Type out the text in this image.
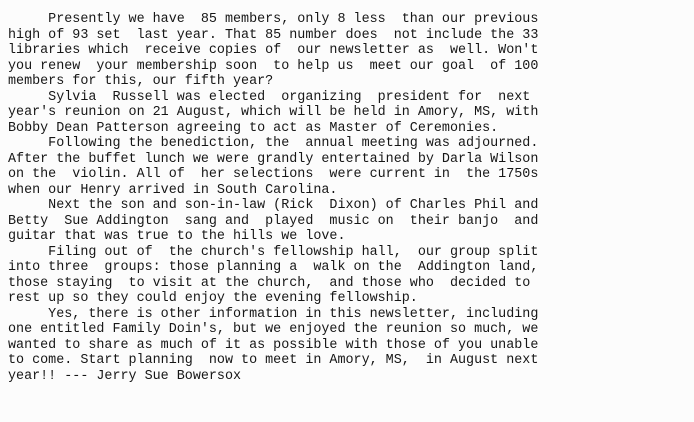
Presently we have  85 members, only 8 less  than our previous
high of 93 set  last year. That 85 number does  not include the 33
libraries which  receive copies of  our newsletter as  well. Won't
you renew  your membership soon  to help us  meet our goal  of 100
members for this, our fifth year?
Sylvia  Russell was elected  organizing  president for  next
year's reunion on 21 August, which will be held in Amory, MS, with
Bobby Dean Patterson agreeing to act as Master of Ceremonies.
Following the benediction, the  annual meeting was adjourned.
After the buffet lunch we were grandly entertained by Darla Wilson
on the  violin. All of  her selections  were current in  the 1750s
when our Henry arrived in South Carolina.
Next the son and son-in-law (Rick  Dixon) of Charles Phil and
Betty  Sue Addington  sang and  played  music on  their banjo  and
guitar that was true to the hills we love.
Filing out of  the church's fellowship hall,  our group split
into three  groups: those planning a  walk on the  Addington land,
those staying  to visit at the church,  and those who  decided to
rest up so they could enjoy the evening fellowship.
Yes, there is other information in this newsletter, including
one entitled Family Doin's, but we enjoyed the reunion so much, we
wanted to share as much of it as possible with those of you unable
to come. Start planning  now to meet in Amory, MS,  in August next
year!! --- Jerry Sue Bowersox
